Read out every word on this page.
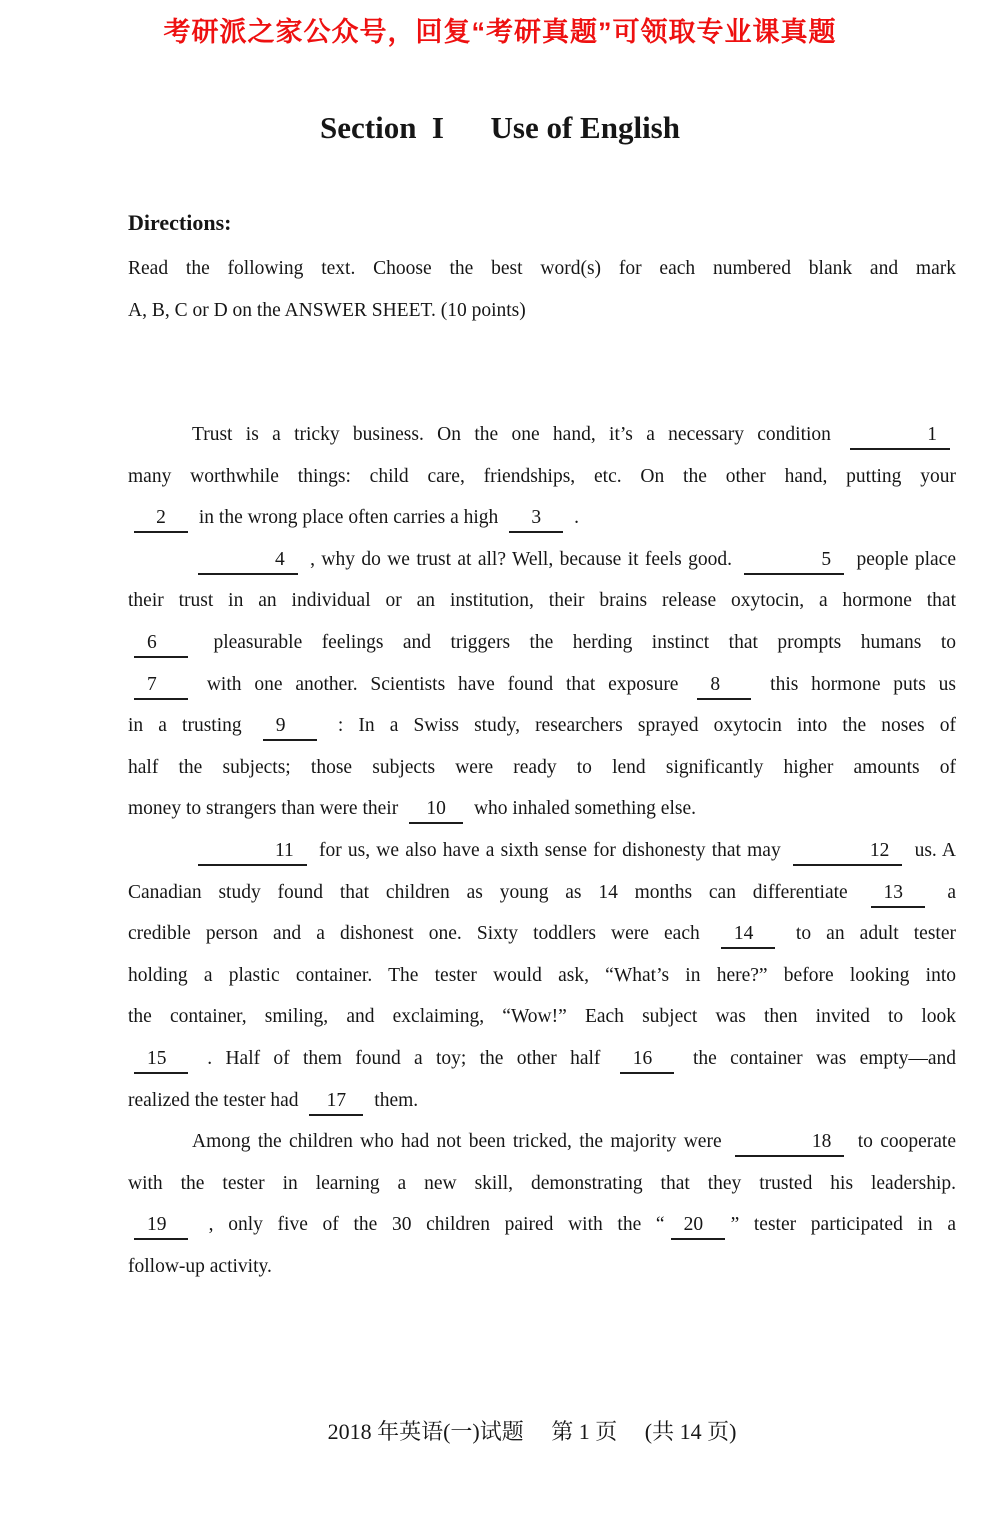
考研派之家公众号，回复“考研真题”可领取专业课真题
Section  I      Use of English
Directions:
Read the following text. Choose the best word(s) for each numbered blank and mark
A, B, C or D on the ANSWER SHEET. (10 points)
Trust is a tricky business. On the one hand, it’s a necessary condition	1
many worthwhile things: child care, friendships, etc. On the other hand, putting your
2 in the wrong place often carries a high 3 .
4 , why do we trust at all? Well, because it feels good.	5 people place
their trust in an individual or an institution, their brains release oxytocin, a hormone that
6 pleasurable feelings and triggers the herding instinct that prompts humans to
7 with one another. Scientists have found that exposure 8 this hormone puts us
in a trusting 9 : In a Swiss study, researchers sprayed oxytocin into the noses of
half the subjects; those subjects were ready to lend significantly higher amounts of
money to strangers than were their 10 who inhaled something else.
11 for us, we also have a sixth sense for dishonesty that may	12 us. A
Canadian study found that children as young as 14 months can differentiate 13 a
credible person and a dishonest one. Sixty toddlers were each 14 to an adult tester
holding a plastic container. The tester would ask, “What’s in here?” before looking into
the container, smiling, and exclaiming, “Wow!” Each subject was then invited to look
15 . Half of them found a toy; the other half 16 the container was empty—and
realized the tester had 17 them.
Among the children who had not been tricked, the majority were	18 to cooperate
with the tester in learning a new skill, demonstrating that they trusted his leadership.
19 , only five of the 30 children paired with the “ 20 ” tester participated in a
follow-up activity.
2018 年英语(一)试题　 第 1 页 　(共 14 页)
